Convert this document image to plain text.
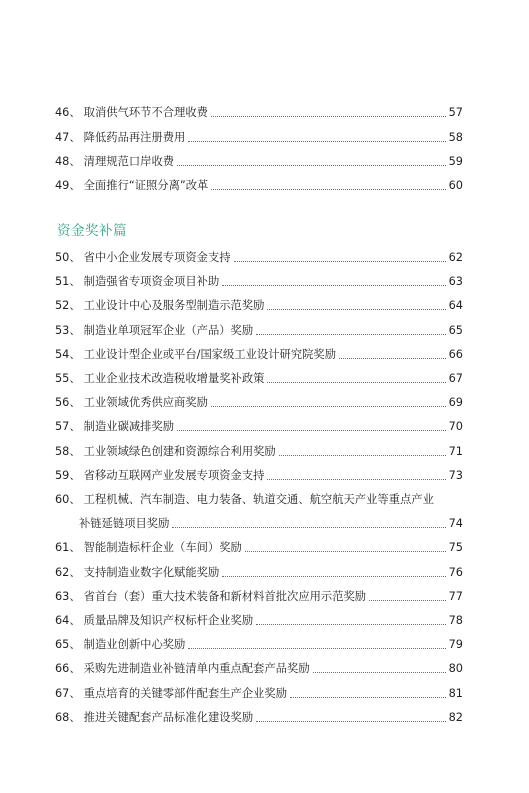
46、 取消供气环节不合理收费	57
47、 降低药品再注册费用	58
48、 清理规范口岸收费	59
49、 全面推行“证照分离”改革	60
资金奖补篇
50、 省中小企业发展专项资金支持	62
51、 制造强省专项资金项目补助	63
52、 工业设计中心及服务型制造示范奖励	64
53、 制造业单项冠军企业（产品）奖励	65
54、 工业设计型企业或平台/国家级工业设计研究院奖励	66
55、 工业企业技术改造税收增量奖补政策	67
56、 工业领域优秀供应商奖励	69
57、 制造业碳减排奖励	70
58、 工业领域绿色创建和资源综合利用奖励	71
59、 省移动互联网产业发展专项资金支持	73
60、 工程机械、汽车制造、电力装备、轨道交通、航空航天产业等重点产业
补链延链项目奖励	74
61、 智能制造标杆企业（车间）奖励	75
62、 支持制造业数字化赋能奖励	76
63、 省首台（套）重大技术装备和新材料首批次应用示范奖励	77
64、 质量品牌及知识产权标杆企业奖励	78
65、 制造业创新中心奖励	79
66、 采购先进制造业补链清单内重点配套产品奖励	80
67、 重点培育的关键零部件配套生产企业奖励	81
68、 推进关键配套产品标准化建设奖励	82
